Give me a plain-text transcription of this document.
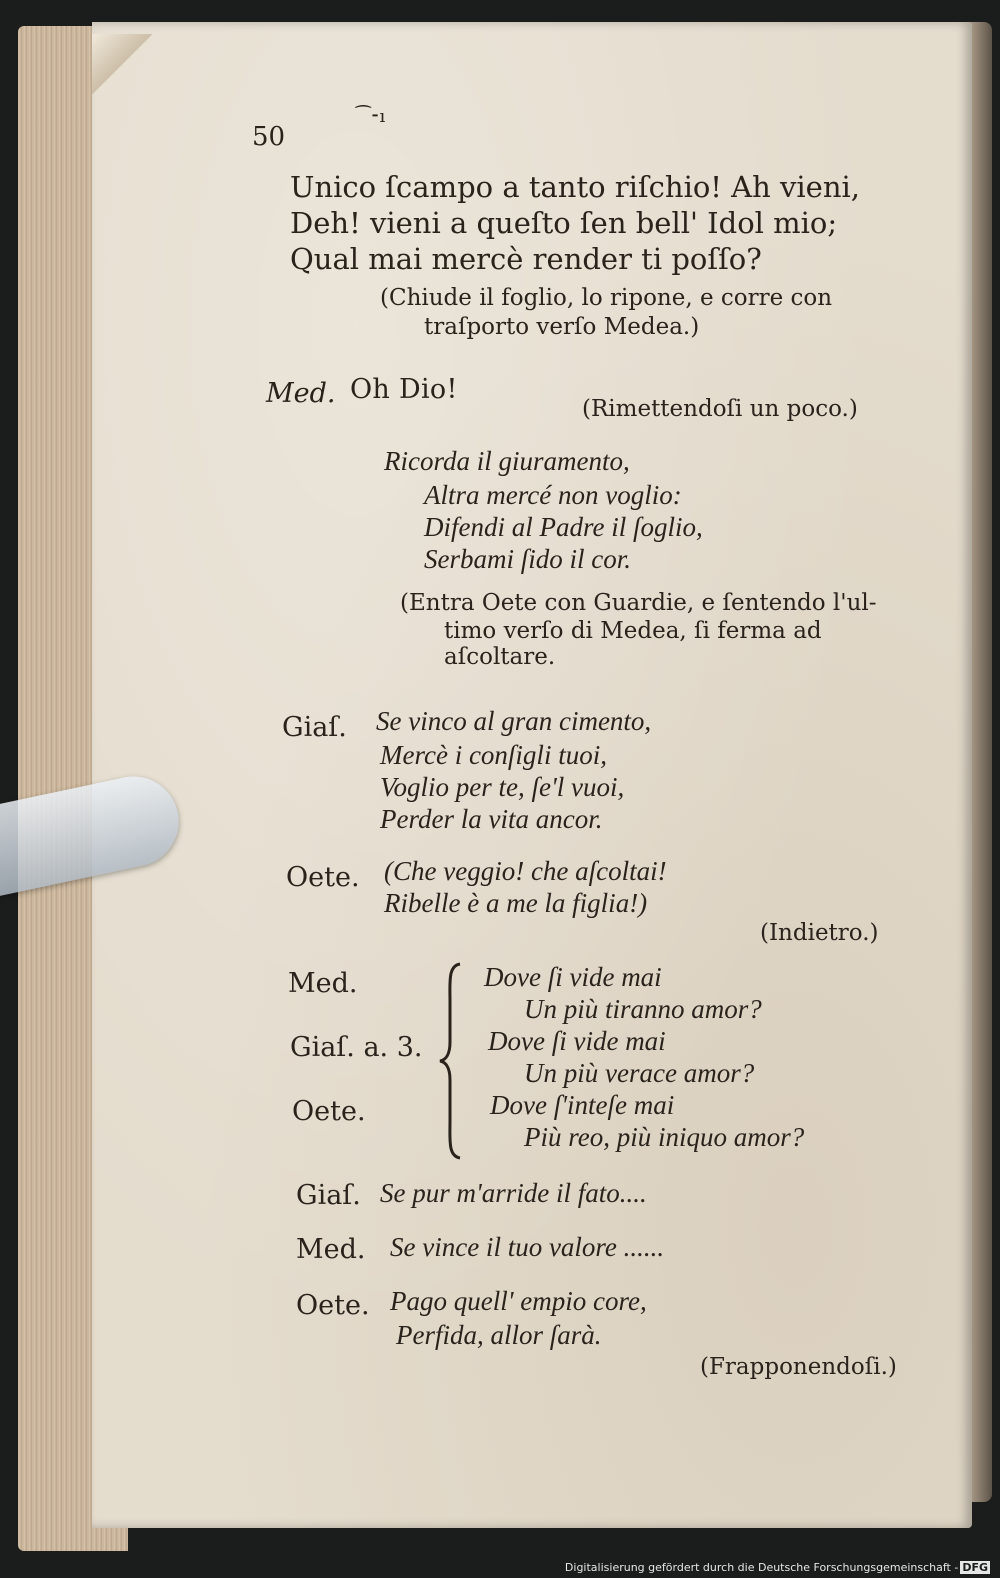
50

⁀⁃ı

Unico ſcampo a tanto riſchio! Ah vieni,

Deh! vieni a queſto ſen bell' Idol mio;

Qual mai mercè render ti poſſo?

(Chiude il foglio, lo ripone, e corre con

traſporto verſo Medea.)

Med. Oh Dio!

(Rimettendoſi un poco.)

Ricorda il giuramento,

Altra mercé non voglio:

Difendi al Padre il ſoglio,

Serbami ſido il cor.

(Entra Oete con Guardie, e ſentendo l'ul-

timo verſo di Medea, ſi ferma ad

aſcoltare.

Giaſ. Se vinco al gran cimento,

Mercè i conſigli tuoi,

Voglio per te, ſe'l vuoi,

Perder la vita ancor.

Oete. (Che veggio! che aſcoltai!

Ribelle è a me la figlia!)

(Indietro.)

Med.

Giaſ. a. 3.

Oete.

Dove ſi vide mai

Un più tiranno amor?

Dove ſi vide mai

Un più verace amor?

Dove ſ'inteſe mai

Più reo, più iniquo amor?

Giaſ. Se pur m'arride il fato....

Med. Se vince il tuo valore ......

Oete. Pago quell' empio core,

Perfida, allor ſarà.

(Frapponendoſi.)

Digitalisierung gefördert durch die Deutsche Forschungsgemeinschaft - DFG
